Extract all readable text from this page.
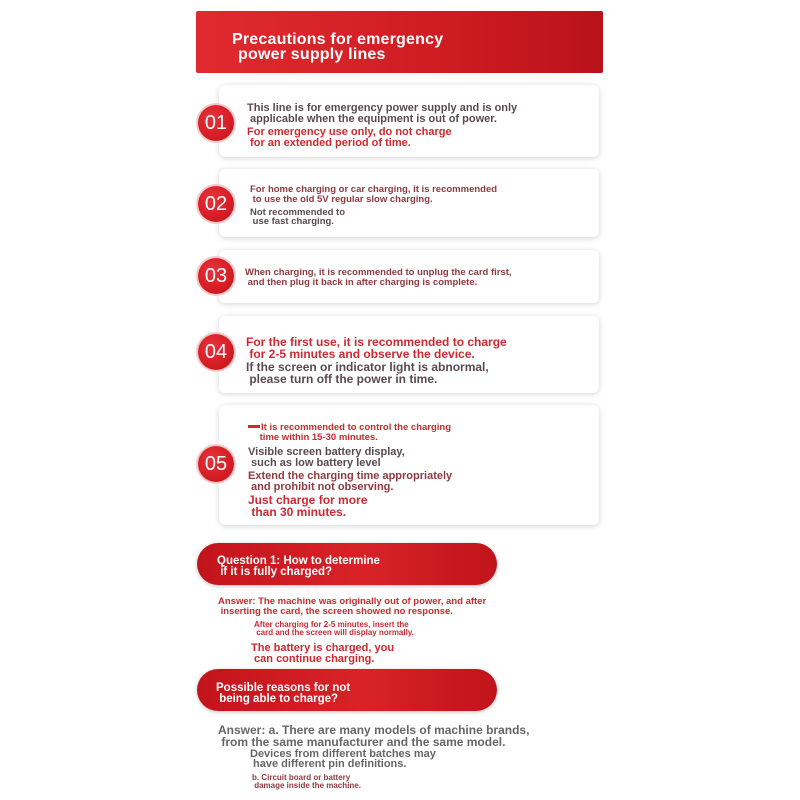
Precautions for emergency
power supply lines
01
This line is for emergency power supply and is only
applicable when the equipment is out of power.
For emergency use only, do not charge
for an extended period of time.
02
For home charging or car charging, it is recommended
to use the old 5V regular slow charging.
Not recommended to
use fast charging.
03	When charging, it is recommended to unplug the card first,
and then plug it back in after charging is complete.
04	For the first use, it is recommended to charge
for 2-5 minutes and observe the device.
If the screen or indicator light is abnormal,
please turn off the power in time.
05
It is recommended to control the charging
time within 15-30 minutes.
Visible screen battery display,
such as low battery level
Extend the charging time appropriately
and prohibit not observing.
Just charge for more
than 30 minutes.
Question 1: How to determine
if it is fully charged?
Answer: The machine was originally out of power, and after
inserting the card, the screen showed no response.
After charging for 2-5 minutes, insert the
card and the screen will display normally.
The battery is charged, you
can continue charging.
Possible reasons for not
being able to charge?
Answer: a. There are many models of machine brands,
from the same manufacturer and the same model.
Devices from different batches may
have different pin definitions.
b. Circuit board or battery
damage inside the machine.
